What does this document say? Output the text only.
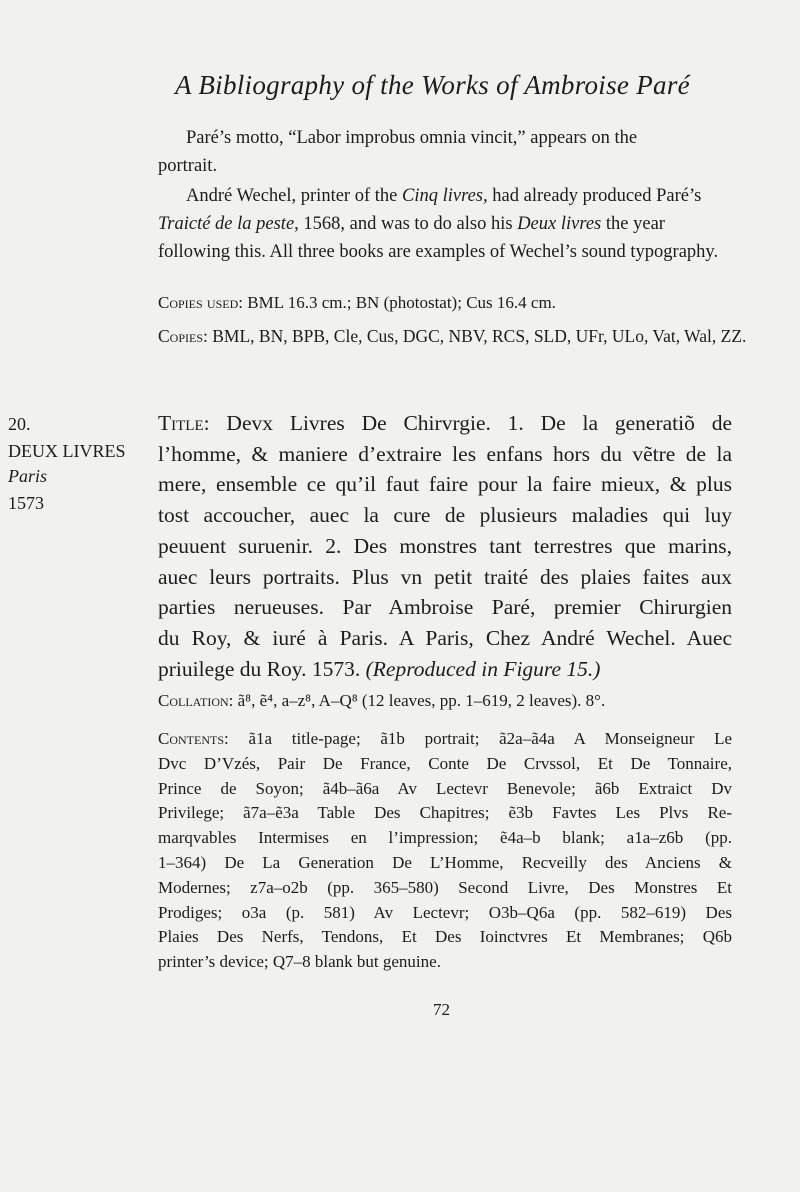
A Bibliography of the Works of Ambroise Paré

Paré’s motto, “Labor improbus omnia vincit,” appears on the
portrait.

André Wechel, printer of the Cinq livres, had already produced Paré’s Traicté de la peste, 1568, and was to do also his Deux livres the year following this. All three books are examples of Wechel’s sound typography.

Copies used: BML 16.3 cm.; BN (photostat); Cus 16.4 cm.
Copies: BML, BN, BPB, Cle, Cus, DGC, NBV, RCS, SLD, UFr, ULo, Vat, Wal, ZZ.
20.
DEUX LIVRES
Paris
1573
Title: Devx Livres De Chirvrgie. 1. De la generatiõ de
l’homme, & maniere d’extraire les enfans hors du vẽtre de la
mere, ensemble ce qu’il faut faire pour la faire mieux, & plus
tost accoucher, auec la cure de plusieurs maladies qui luy
peuuent suruenir. 2. Des monstres tant terrestres que marins,
auec leurs portraits. Plus vn petit traité des plaies faites aux
parties nerueuses. Par Ambroise Paré, premier Chirurgien
du Roy, & iuré à Paris. A Paris, Chez André Wechel. Auec
priuilege du Roy. 1573. (Reproduced in Figure 15.)
Collation: ã⁸, ẽ⁴, a–z⁸, A–Q⁸ (12 leaves, pp. 1–619, 2 leaves). 8°.
Contents: ã1a title-page; ã1b portrait; ã2a–ã4a A Monseigneur Le
Dvc D’Vzés, Pair De France, Conte De Crvssol, Et De Tonnaire,
Prince de Soyon; ã4b–ã6a Av Lectevr Benevole; ã6b Extraict Dv
Privilege; ã7a–ẽ3a Table Des Chapitres; ẽ3b Favtes Les Plvs Re-
marqvables Intermises en l’impression; ẽ4a–b blank; a1a–z6b (pp.
1–364) De La Generation De L’Homme, Recveilly des Anciens &
Modernes; z7a–o2b (pp. 365–580) Second Livre, Des Monstres Et
Prodiges; o3a (p. 581) Av Lectevr; O3b–Q6a (pp. 582–619) Des
Plaies Des Nerfs, Tendons, Et Des Ioinctvres Et Membranes; Q6b
printer’s device; Q7–8 blank but genuine.
72
